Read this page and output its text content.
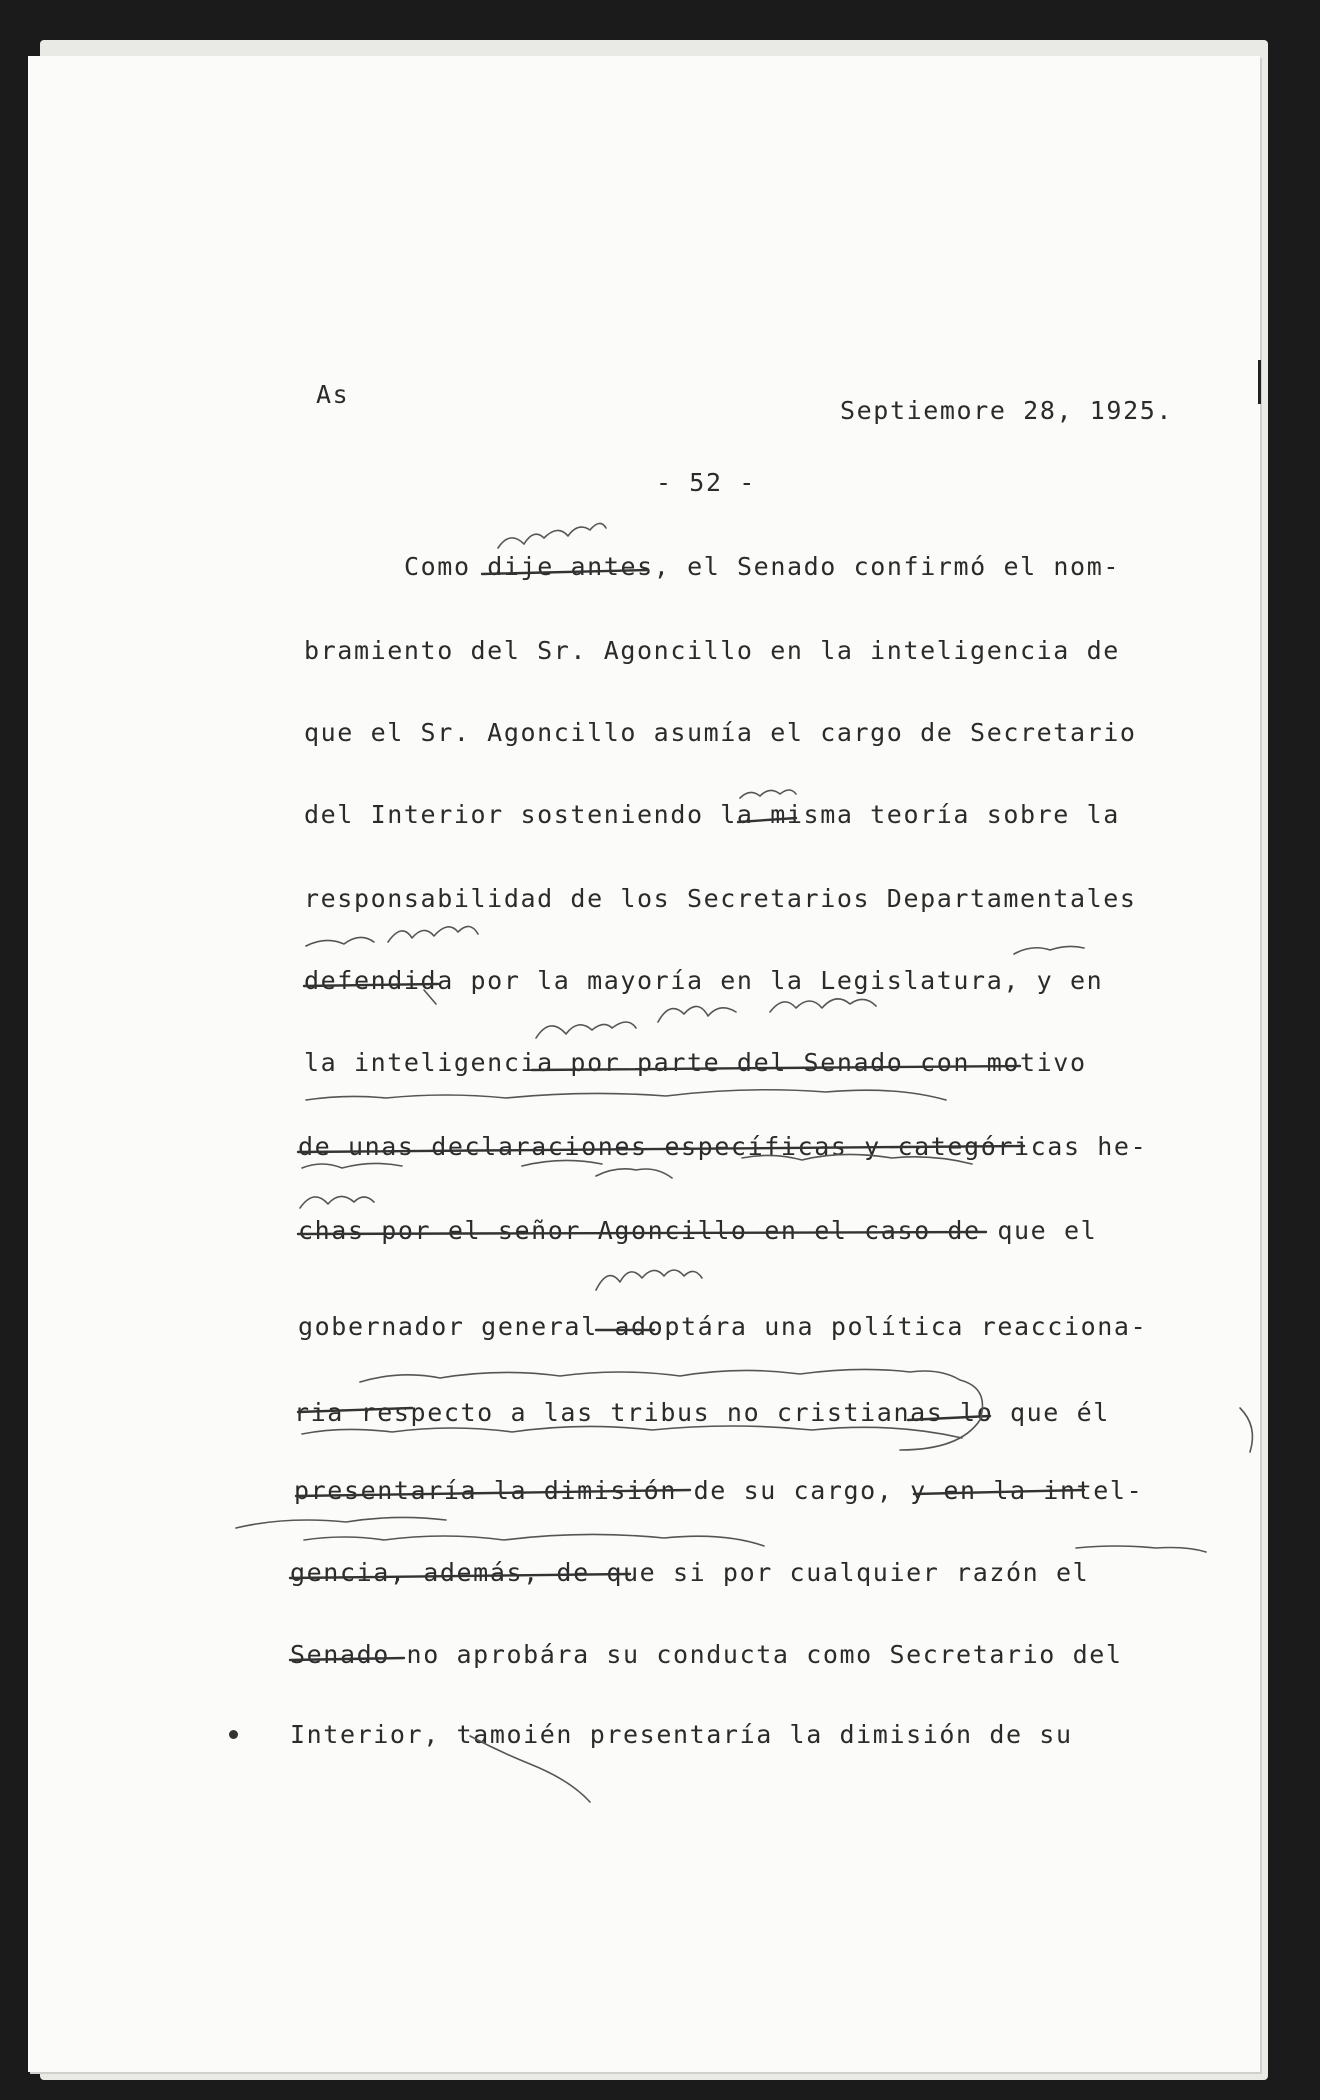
As
Septiemore 28, 1925.
- 52 -
Como dije antes, el Senado confirmó el nom-
bramiento del Sr. Agoncillo en la inteligencia de
que el Sr. Agoncillo asumía el cargo de Secretario
del Interior sosteniendo la misma teoría sobre la
responsabilidad de los Secretarios Departamentales
defendida por la mayoría en la Legislatura, y en
la inteligencia por parte del Senado con motivo
de unas declaraciones específicas y categóricas he-
chas por el señor Agoncillo en el caso de que el
gobernador general adoptára una política reacciona-
ria respecto a las tribus no cristianas lo que él
presentaría la dimisión de su cargo, y en la intel-
gencia, además, de que si por cualquier razón el
Senado no aprobára su conducta como Secretario del
Interior, tamoién presentaría la dimisión de su
